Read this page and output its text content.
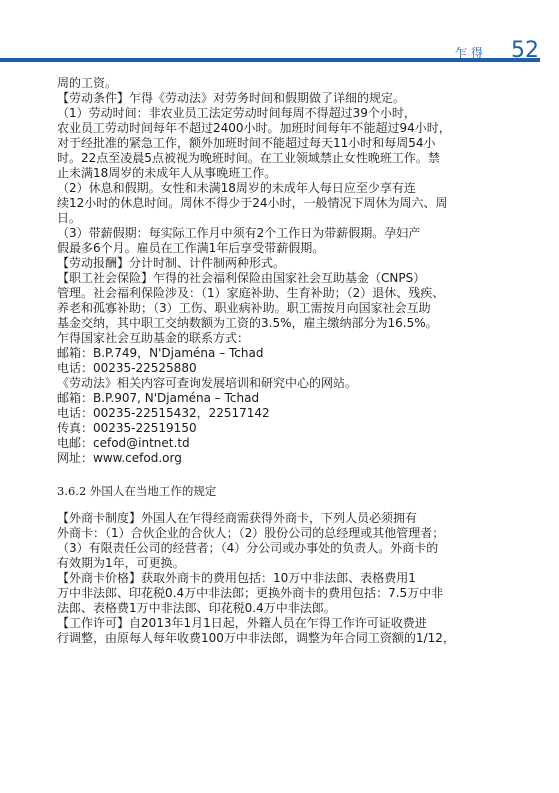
乍得 52
周的工资。
【劳动条件】乍得《劳动法》对劳务时间和假期做了详细的规定。
（1）劳动时间：非农业员工法定劳动时间每周不得超过39个小时，
农业员工劳动时间每年不超过2400小时。加班时间每年不能超过94小时，
对于经批准的紧急工作，额外加班时间不能超过每天11小时和每周54小
时。22点至凌晨5点被视为晚班时间。在工业领域禁止女性晚班工作。禁
止未满18周岁的未成年人从事晚班工作。
（2）休息和假期。女性和未满18周岁的未成年人每日应至少享有连
续12小时的休息时间。周休不得少于24小时，一般情况下周休为周六、周
日。
（3）带薪假期：每实际工作月中须有2个工作日为带薪假期。孕妇产
假最多6个月。雇员在工作满1年后享受带薪假期。
【劳动报酬】分计时制、计件制两种形式。
【职工社会保险】乍得的社会福利保险由国家社会互助基金（CNPS）
管理。社会福利保险涉及：（1）家庭补助、生育补助；（2）退休、残疾、
养老和孤寡补助；（3）工伤、职业病补助。职工需按月向国家社会互助
基金交纳，其中职工交纳数额为工资的3.5%，雇主缴纳部分为16.5%。
乍得国家社会互助基金的联系方式：
邮箱：B.P.749，N'Djaména – Tchad
电话：00235-22525880
《劳动法》相关内容可查询发展培训和研究中心的网站。
邮箱：B.P.907, N'Djaména – Tchad
电话：00235-22515432，22517142
传真：00235-22519150
电邮：cefod@intnet.td
网址：www.cefod.org
3.6.2 外国人在当地工作的规定
【外商卡制度】外国人在乍得经商需获得外商卡，下列人员必须拥有
外商卡：（1）合伙企业的合伙人；（2）股份公司的总经理或其他管理者；
（3）有限责任公司的经营者；（4）分公司或办事处的负责人。外商卡的
有效期为1年，可更换。
【外商卡价格】获取外商卡的费用包括：10万中非法郎、表格费用1
万中非法郎、印花税0.4万中非法郎；更换外商卡的费用包括：7.5万中非
法郎、表格费1万中非法郎、印花税0.4万中非法郎。
【工作许可】自2013年1月1日起，外籍人员在乍得工作许可证收费进
行调整，由原每人每年收费100万中非法郎，调整为年合同工资额的1/12，
